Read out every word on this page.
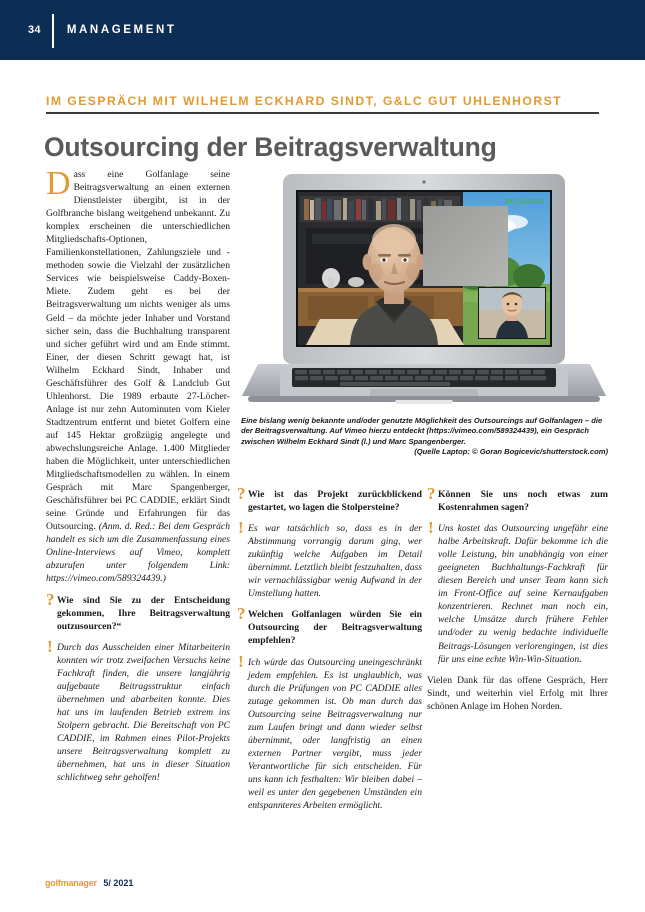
34	MANAGEMENT
IM GESPRÄCH MIT WILHELM ECKHARD SINDT, G&LC GUT UHLENHORST
Outsourcing der Beitragsverwaltung
PC CADDIE
Eine bislang wenig bekannte und/oder genutzte Möglichkeit des Outsourcings auf Golfanlagen – die der Beitragsverwaltung. Auf Vimeo hierzu entdeckt (https://vimeo.com/589324439), ein Gespräch zwischen Wilhelm Eckhard Sindt (l.) und Marc Spangenberger.
(Quelle Laptop: © Goran Bogicevic/shutterstock.com)

Dass eine Golfanlage seine Beitragsverwaltung an einen externen Dienstleister übergibt, ist in der Golfbranche bislang weitgehend unbekannt. Zu komplex erscheinen die unterschiedlichen Mitgliedschafts-Optionen, Familienkonstellationen, Zahlungsziele und -methoden sowie die Vielzahl der zusätzlichen Services wie beispielsweise Caddy-Boxen-Miete. Zudem geht es bei der Beitragsverwaltung um nichts weniger als ums Geld – da möchte jeder Inhaber und Vorstand sicher sein, dass die Buchhaltung transparent und sicher geführt wird und am Ende stimmt. Einer, der diesen Schritt gewagt hat, ist Wilhelm Eckhard Sindt, Inhaber und Geschäftsführer des Golf & Landclub Gut Uhlenhorst. Die 1989 erbaute 27-Löcher-Anlage ist nur zehn Autominuten vom Kieler Stadtzentrum entfernt und bietet Golfern eine auf 145 Hektar großzügig angelegte und abwechslungsreiche Anlage. 1.400 Mitglieder haben die Möglichkeit, unter unterschiedlichen Mitgliedschaftsmodellen zu wählen. In einem Gespräch mit Marc Spangenberger, Geschäftsführer bei PC CADDIE, erklärt Sindt seine Gründe und Erfahrungen für das Outsourcing. (Anm. d. Red.: Bei dem Gespräch handelt es sich um die Zusammenfassung eines Online-Interviews auf Vimeo, komplett abzurufen unter folgendem Link: https://vimeo.com/589324439.)

? Wie sind Sie zu der Entscheidung gekommen, Ihre Beitragsverwaltung outzusourcen?“

! Durch das Ausscheiden einer Mitarbeiterin konnten wir trotz zweifachen Versuchs keine Fachkraft finden, die unsere langjährig aufgebaute Beitragsstruktur einfach übernehmen und abarbeiten konnte. Dies hat uns im laufenden Betrieb extrem ins Stolpern gebracht. Die Bereitschaft von PC CADDIE, im Rahmen eines Pilot-Projekts unsere Beitragsverwaltung komplett zu übernehmen, hat uns in dieser Situation schlichtweg sehr geholfen!

? Wie ist das Projekt zurückblickend gestartet, wo lagen die Stolpersteine?

! Es war tatsächlich so, dass es in der Abstimmung vorrangig darum ging, wer zukünftig welche Aufgaben im Detail übernimmt. Letztlich bleibt festzuhalten, dass wir vernachlässigbar wenig Aufwand in der Umstellung hatten.

? Welchen Golfanlagen würden Sie ein Outsourcing der Beitragsverwaltung empfehlen?

! Ich würde das Outsourcing uneingeschränkt jedem empfehlen. Es ist unglaublich, was durch die Prüfungen von PC CADDIE alles zutage gekommen ist. Ob man durch das Outsourcing seine Beitragsverwaltung nur zum Laufen bringt und dann wieder selbst übernimmt, oder langfristig an einen externen Partner vergibt, muss jeder Verantwortliche für sich entscheiden. Für uns kann ich festhalten: Wir bleiben dabei – weil es unter den gegebenen Umständen ein entspannteres Arbeiten ermöglicht.

? Können Sie uns noch etwas zum Kostenrahmen sagen?

! Uns kostet das Outsourcing ungefähr eine halbe Arbeitskraft. Dafür bekomme ich die volle Leistung, bin unabhängig von einer geeigneten Buchhaltungs-Fachkraft für diesen Bereich und unser Team kann sich im Front-Office auf seine Kernaufgaben konzentrieren. Rechnet man noch ein, welche Umsätze durch frühere Fehler und/oder zu wenig bedachte individuelle Beitrags-Lösungen verlorengingen, ist dies für uns eine echte Win-Win-Situation.

Vielen Dank für das offene Gespräch, Herr Sindt, und weiterhin viel Erfolg mit Ihrer schönen Anlage im Hohen Norden.

golfmanager 5/ 2021
